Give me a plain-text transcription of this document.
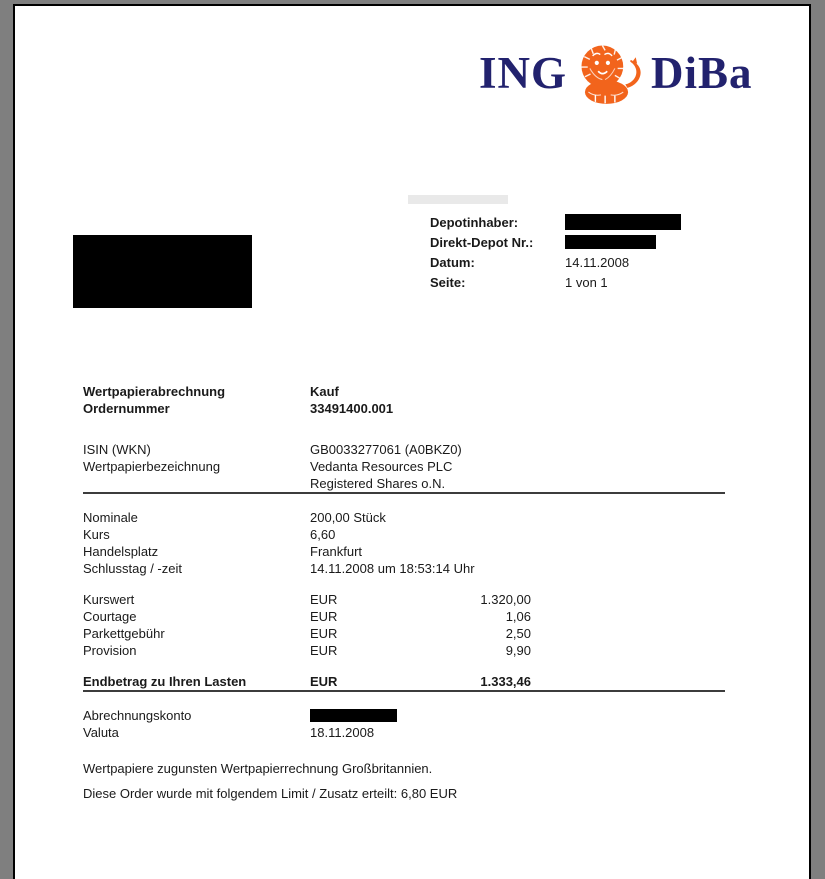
ING DiBa
Depotinhaber:
Direkt-Depot Nr.:
Datum:	14.11.2008
Seite:	1 von 1
Wertpapierabrechnung	Kauf
Ordernummer	33491400.001
ISIN (WKN)	GB0033277061 (A0BKZ0)
Wertpapierbezeichnung	Vedanta Resources PLC
Registered Shares o.N.
Nominale	200,00 Stück
Kurs	6,60
Handelsplatz	Frankfurt
Schlusstag / -zeit	14.11.2008 um 18:53:14 Uhr
Kurswert	EUR	1.320,00
Courtage	EUR	1,06
Parkettgebühr	EUR	2,50
Provision	EUR	9,90
Endbetrag zu Ihren Lasten	EUR	1.333,46
Abrechnungskonto
Valuta	18.11.2008
Wertpapiere zugunsten Wertpapierrechnung Großbritannien.
Diese Order wurde mit folgendem Limit / Zusatz erteilt: 6,80 EUR
